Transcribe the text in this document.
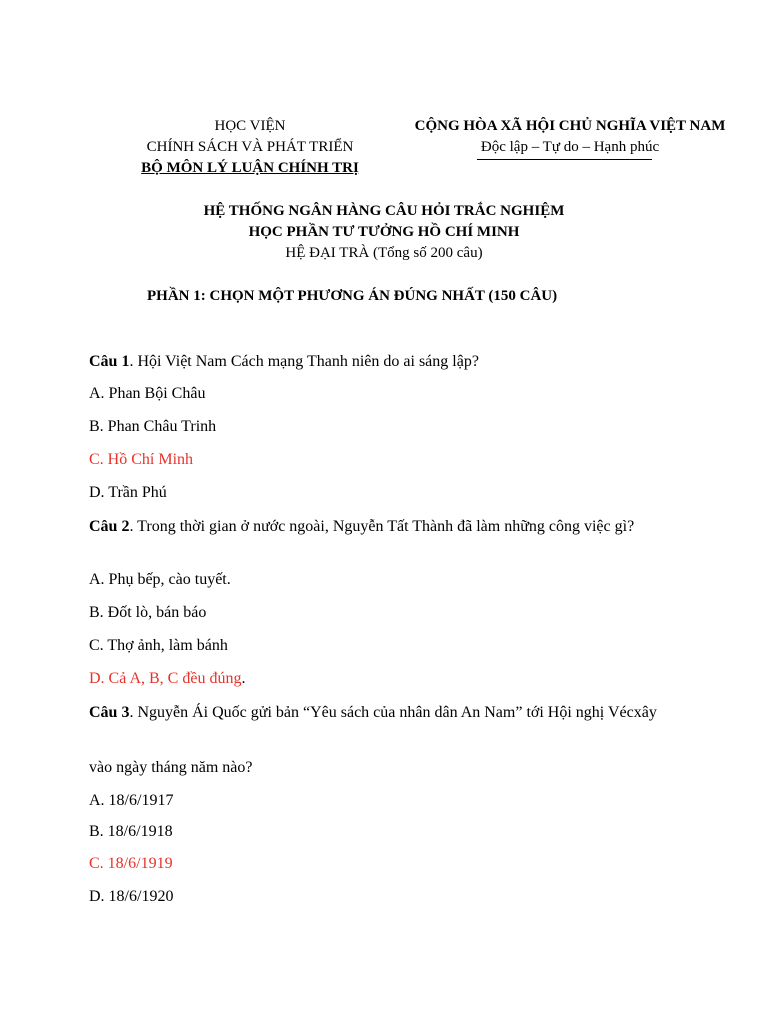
HỌC VIỆN
CHÍNH SÁCH VÀ PHÁT TRIỂN
BỘ MÔN LÝ LUẬN CHÍNH TRỊ
CỘNG HÒA XÃ HỘI CHỦ NGHĨA VIỆT NAM
Độc lập – Tự do – Hạnh phúc
HỆ THỐNG NGÂN HÀNG CÂU HỎI TRẮC NGHIỆM
HỌC PHẦN TƯ TƯỞNG HỒ CHÍ MINH
HỆ ĐẠI TRÀ (Tổng số 200 câu)
PHẦN 1: CHỌN MỘT PHƯƠNG ÁN ĐÚNG NHẤT (150 CÂU)
Câu 1. Hội Việt Nam Cách mạng Thanh niên do ai sáng lập?
A. Phan Bội Châu
B. Phan Châu Trinh
C. Hồ Chí Minh
D. Trần Phú
Câu 2. Trong thời gian ở nước ngoài, Nguyễn Tất Thành đã làm những công việc gì?
A. Phụ bếp, cào tuyết.
B. Đốt lò, bán báo
C. Thợ ảnh, làm bánh
D. Cả A, B, C đều đúng.
Câu 3. Nguyễn Ái Quốc gửi bản “Yêu sách của nhân dân An Nam” tới Hội nghị Vécxây
vào ngày tháng năm nào?
A. 18/6/1917
B. 18/6/1918
C. 18/6/1919
D. 18/6/1920
